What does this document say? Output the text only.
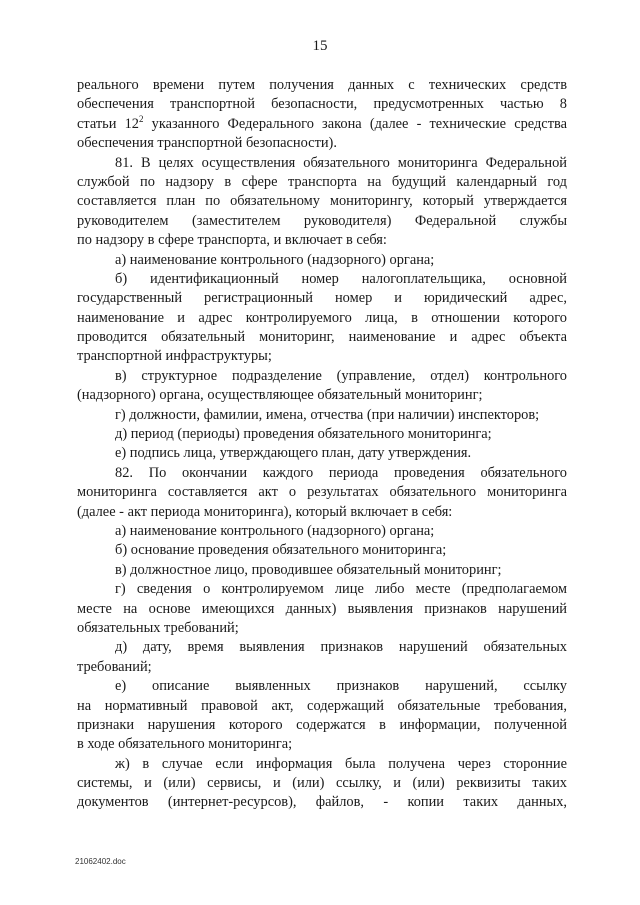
15
реального времени путем получения данных с технических средств
обеспечения транспортной безопасности, предусмотренных частью 8
статьи $12^2$ указанного Федерального закона (далее - технические средства
обеспечения транспортной безопасности).
81. В целях осуществления обязательного мониторинга Федеральной
службой по надзору в сфере транспорта на будущий календарный год
составляется план по обязательному мониторингу, который утверждается
руководителем (заместителем руководителя) Федеральной службы
по надзору в сфере транспорта, и включает в себя:
а) наименование контрольного (надзорного) органа;
б) идентификационный номер налогоплательщика, основной
государственный регистрационный номер и юридический адрес,
наименование и адрес контролируемого лица, в отношении которого
проводится обязательный мониторинг, наименование и адрес объекта
транспортной инфраструктуры;
в) структурное подразделение (управление, отдел) контрольного
(надзорного) органа, осуществляющее обязательный мониторинг;
г) должности, фамилии, имена, отчества (при наличии) инспекторов;
д) период (периоды) проведения обязательного мониторинга;
е) подпись лица, утверждающего план, дату утверждения.
82. По окончании каждого периода проведения обязательного
мониторинга составляется акт о результатах обязательного мониторинга
(далее - акт периода мониторинга), который включает в себя:
а) наименование контрольного (надзорного) органа;
б) основание проведения обязательного мониторинга;
в) должностное лицо, проводившее обязательный мониторинг;
г) сведения о контролируемом лице либо месте (предполагаемом
месте на основе имеющихся данных) выявления признаков нарушений
обязательных требований;
д) дату, время выявления признаков нарушений обязательных
требований;
е) описание выявленных признаков нарушений, ссылку
на нормативный правовой акт, содержащий обязательные требования,
признаки нарушения которого содержатся в информации, полученной
в ходе обязательного мониторинга;
ж) в случае если информация была получена через сторонние
системы, и (или) сервисы, и (или) ссылку, и (или) реквизиты таких
документов (интернет-ресурсов), файлов, - копии таких данных,
21062402.doc
